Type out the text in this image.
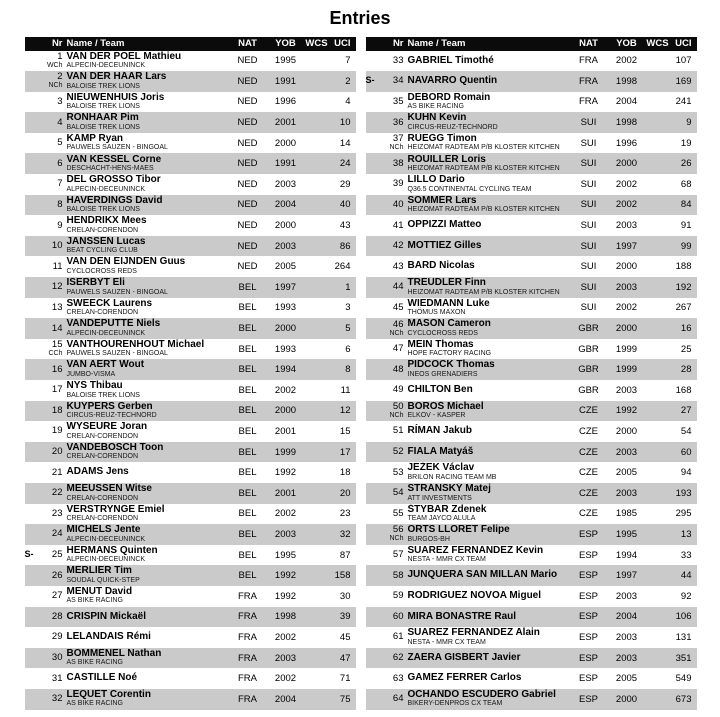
Entries
Nr Name / Team	NAT	YOB	WCS UCI
1
WCh
VAN DER POEL Mathieu
ALPECIN-DECEUNINCK	NED	1995	7
2
NCh
VAN DER HAAR Lars
BALOISE TREK LIONS	NED	1991	2
3 NIEUWENHUIS Joris
BALOISE TREK LIONS	NED	1996	4
4 RONHAAR Pim
BALOISE TREK LIONS	NED	2001	10
5 KAMP Ryan
PAUWELS SAUZEN - BINGOAL	NED	2000	14
6 VAN KESSEL Corne
DESCHACHT-HENS-MAES	NED	1991	24
7 DEL GROSSO Tibor
ALPECIN-DECEUNINCK	NED	2003	29
8 HAVERDINGS David
BALOISE TREK LIONS	NED	2004	40
9 HENDRIKX Mees
CRELAN-CORENDON	NED	2000	43
10 JANSSEN Lucas
BEAT CYCLING CLUB	NED	2003	86
11 VAN DEN EIJNDEN Guus
CYCLOCROSS REDS	NED	2005	264
12 ISERBYT Eli
PAUWELS SAUZEN - BINGOAL	BEL	1997	1
13 SWEECK Laurens
CRELAN-CORENDON	BEL	1993	3
14 VANDEPUTTE Niels
ALPECIN-DECEUNINCK	BEL	2000	5
15
CCh
VANTHOURENHOUT Michael
PAUWELS SAUZEN - BINGOAL	BEL	1993	6
16 VAN AERT Wout
JUMBO-VISMA	BEL	1994	8
17 NYS Thibau
BALOISE TREK LIONS	BEL	2002	11
18 KUYPERS Gerben
CIRCUS-REUZ-TECHNORD	BEL	2000	12
19 WYSEURE Joran
CRELAN-CORENDON	BEL	2001	15
20 VANDEBOSCH Toon
CRELAN-CORENDON	BEL	1999	17
21 ADAMS Jens	BEL	1992	18
22 MEEUSSEN Witse
CRELAN-CORENDON	BEL	2001	20
23 VERSTRYNGE Emiel
CRELAN-CORENDON	BEL	2002	23
24 MICHELS Jente
ALPECIN-DECEUNINCK	BEL	2003	32
S-	25 HERMANS Quinten
ALPECIN-DECEUNINCK	BEL	1995	87
26 MERLIER Tim
SOUDAL QUICK-STEP	BEL	1992	158
27 MENUT David
AS BIKE RACING	FRA	1992	30
28 CRISPIN Mickaël	FRA	1998	39
29 LELANDAIS Rémi	FRA	2002	45
30 BOMMENEL Nathan
AS BIKE RACING	FRA	2003	47
31 CASTILLE Noé	FRA	2002	71
32 LEQUET Corentin
AS BIKE RACING	FRA	2004	75
Nr Name / Team	NAT	YOB	WCS UCI
33 GABRIEL Timothé	FRA	2002	107
S-	34 NAVARRO Quentin	FRA	1998	169
35 DEBORD Romain
AS BIKE RACING	FRA	2004	241
36 KUHN Kevin
CIRCUS-REUZ-TECHNORD	SUI	1998	9
37
NCh
RÜEGG Timon
HEIZOMAT RADTEAM P/B KLOSTER KITCHEN	SUI	1996	19
38 ROUILLER Loris
HEIZOMAT RADTEAM P/B KLOSTER KITCHEN	SUI	2000	26
39 LILLO Dario
Q36.5 CONTINENTAL CYCLING TEAM	SUI	2002	68
40 SOMMER Lars
HEIZOMAT RADTEAM P/B KLOSTER KITCHEN	SUI	2002	84
41 OPPIZZI Matteo	SUI	2003	91
42 MOTTIEZ Gilles	SUI	1997	99
43 BARD Nicolas	SUI	2000	188
44 TREUDLER Finn
HEIZOMAT RADTEAM P/B KLOSTER KITCHEN	SUI	2003	192
45 WIEDMANN Luke
THÖMUS MAXON	SUI	2002	267
46
NCh
MASON Cameron
CYCLOCROSS REDS	GBR	2000	16
47 MEIN Thomas
HOPE FACTORY RACING	GBR	1999	25
48 PIDCOCK Thomas
INEOS GRENADIERS	GBR	1999	28
49 CHILTON Ben	GBR	2003	168
50
NCh
BOROŠ Michael
ELKOV - KASPER	CZE	1992	27
51 RÍMAN Jakub	CZE	2000	54
52 FIALA Matyáš	CZE	2003	60
53 JEŽEK Václav
BRILON RACING TEAM MB	CZE	2005	94
54 STRÁNSKÝ Matej
ATT INVESTMENTS	CZE	2003	193
55 ŠTYBAR Zdenek
TEAM JAYCO ALULA	CZE	1985	295
56
NCh
ORTS LLORET Felipe
BURGOS-BH	ESP	1995	13
57 SUAREZ FERNANDEZ Kevin
NESTA - MMR CX TEAM	ESP	1994	33
58 JUNQUERA SAN MILLAN Mario	ESP	1997	44
59 RODRIGUEZ NOVOA Miguel	ESP	2003	92
60 MIRA BONASTRE Raul	ESP	2004	106
61 SUAREZ FERNANDEZ Alain
NESTA - MMR CX TEAM	ESP	2003	131
62 ZAERA GISBERT Javier	ESP	2003	351
63 GAMEZ FERRER Carlos	ESP	2005	549
64 OCHANDO ESCUDERO Gabriel
BIKERY-DENPROS CX TEAM	ESP	2000	673
